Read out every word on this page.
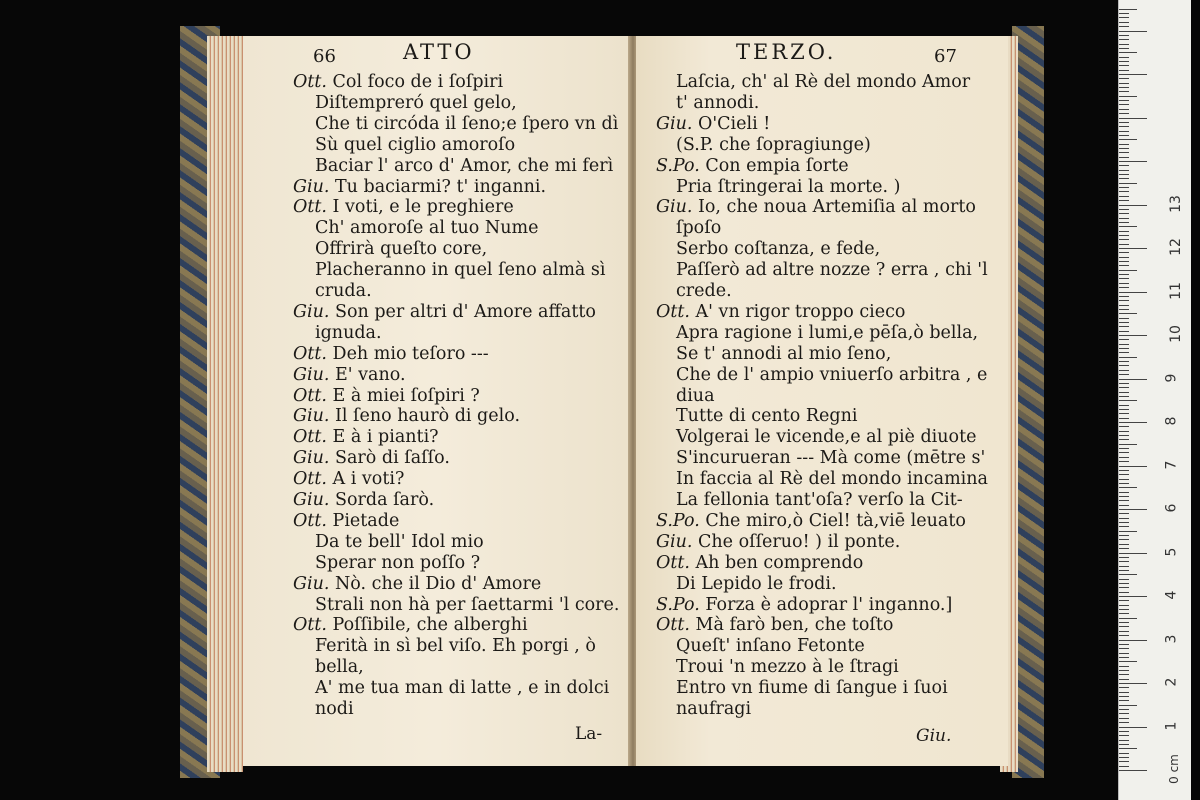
66	ATTO
Ott. Col foco de i ſoſpiri
Diſtempreró quel gelo,
Che ti circóda il ſeno;e ſpero vn dì
Sù quel ciglio amoroſo
Baciar l' arco d' Amor, che mi ferì
Giu. Tu baciarmi? t' inganni.
Ott. I voti, e le preghiere
Ch' amoroſe al tuo Nume
Offrirà queſto core,
Placheranno in quel ſeno almà sì
cruda.
Giu. Son per altri d' Amore affatto
ignuda.
Ott. Deh mio teſoro ---
Giu. E' vano.
Ott. E à miei ſoſpiri ?
Giu. Il ſeno haurò di gelo.
Ott. E à i pianti?
Giu. Sarò di ſaſſo.
Ott. A i voti?
Giu. Sorda ſarò.
Ott. Pietade
Da te bell' Idol mio
Sperar non poſſo ?
Giu. Nò. che il Dio d' Amore
Strali non hà per ſaettarmi 'l core.
Ott. Poſſibile, che alberghi
Ferità in sì bel viſo. Eh porgi , ò
bella,
A' me tua man di latte , e in dolci
nodi
La-
TERZO.	67
Laſcia, ch' al Rè del mondo Amor
t' annodi.
Giu. O'Cieli !
(S.P. che ſopragiunge)
S.Po. Con empia ſorte
Pria ſtringerai la morte. )
Giu. Io, che noua Artemiſia al morto
ſpoſo
Serbo coſtanza, e fede,
Paſſerò ad altre nozze ? erra , chi 'l
crede.
Ott. A' vn rigor troppo cieco
Apra ragione i lumi,e pēſa,ò bella,
Se t' annodi al mio ſeno,
Che de l' ampio vniuerſo arbitra , e
diua
Tutte di cento Regni
Volgerai le vicende,e al piè diuote
S'incurueran --- Mà come (mētre s'
In faccia al Rè del mondo incamina
La fellonia tant'oſa? verſo la Cit-
S.Po. Che miro,ò Ciel! tà,viē leuato
Giu. Che oſſeruo! ) il ponte.
Ott. Ah ben comprendo
Di Lepido le frodi.
S.Po. Forza è adoprar l' inganno.]
Ott. Mà farò ben, che toſto
Queſt' inſano Fetonte
Troui 'n mezzo à le ſtragi
Entro vn fiume di ſangue i ſuoi
naufragi
Giu.
0 cm
1
2
3
4
5
6
7
8
9
10
11
12
13
